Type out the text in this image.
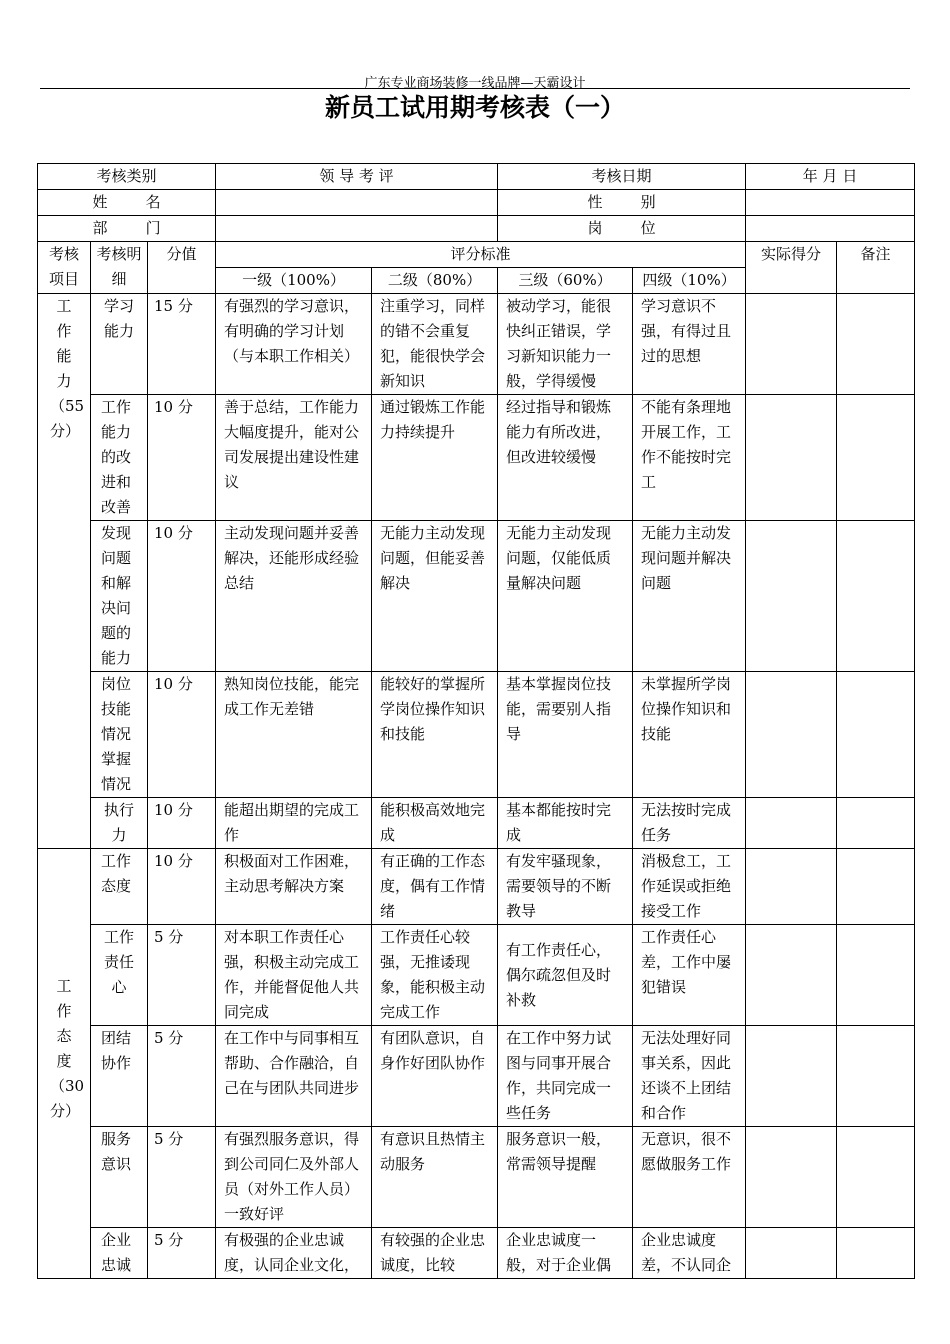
广东专业商场装修一线品牌—天霸设计
新员工试用期考核表（一）
考核类别			领 导 考 评		考核日期		年 月 日	
姓        名					性        别			
部        门					岗        位			
考核项目	考核明细	分值	评分标准				实际得分	备注
			一级（100%）	二级（80%）	三级（60%）	四级（10%）		
工作能力（55分）	学习能力	15 分	有强烈的学习意识，有明确的学习计划（与本职工作相关）	注重学习，同样的错不会重复犯，能很快学会新知识	被动学习，能很快纠正错误，学习新知识能力一般，学得缓慢	学习意识不强，有得过且过的思想		
	工作能力的改进和改善	10 分	善于总结，工作能力大幅度提升，能对公司发展提出建设性建议	通过锻炼工作能力持续提升	经过指导和锻炼能力有所改进，但改进较缓慢	不能有条理地开展工作，工作不能按时完工		
	发现问题和解决问题的能力	10 分	主动发现问题并妥善解决，还能形成经验总结	无能力主动发现问题，但能妥善解决	无能力主动发现问题，仅能低质量解决问题	无能力主动发现问题并解决问题		
	岗位技能情况掌握情况	10 分	熟知岗位技能，能完成工作无差错	能较好的掌握所学岗位操作知识和技能	基本掌握岗位技能，需要别人指导	未掌握所学岗位操作知识和技能		
	执行力	10 分	能超出期望的完成工作	能积极高效地完成	基本都能按时完成	无法按时完成任务		
工作态度（30分）	工作态度	10 分	积极面对工作困难，主动思考解决方案	有正确的工作态度，偶有工作情绪	有发牢骚现象，需要领导的不断教导	消极怠工，工作延误或拒绝接受工作		
	工作责任心	5 分	对本职工作责任心强，积极主动完成工作，并能督促他人共同完成	工作责任心较强，无推诿现象，能积极主动完成工作	有工作责任心，偶尔疏忽但及时补救	工作责任心差，工作中屡犯错误		
	团结协作	5 分	在工作中与同事相互帮助、合作融洽，自己在与团队共同进步	有团队意识，自身作好团队协作	在工作中努力试图与同事开展合作，共同完成一些任务	无法处理好同事关系，因此还谈不上团结和合作		
	服务意识	5 分	有强烈服务意识，得到公司同仁及外部人员（对外工作人员）一致好评	有意识且热情主动服务	服务意识一般，常需领导提醒	无意识，很不愿做服务工作		
	企业忠诚	5 分	有极强的企业忠诚度，认同企业文化，	有较强的企业忠诚度，比较	企业忠诚度一般，对于企业偶	企业忠诚度差，不认同企		
